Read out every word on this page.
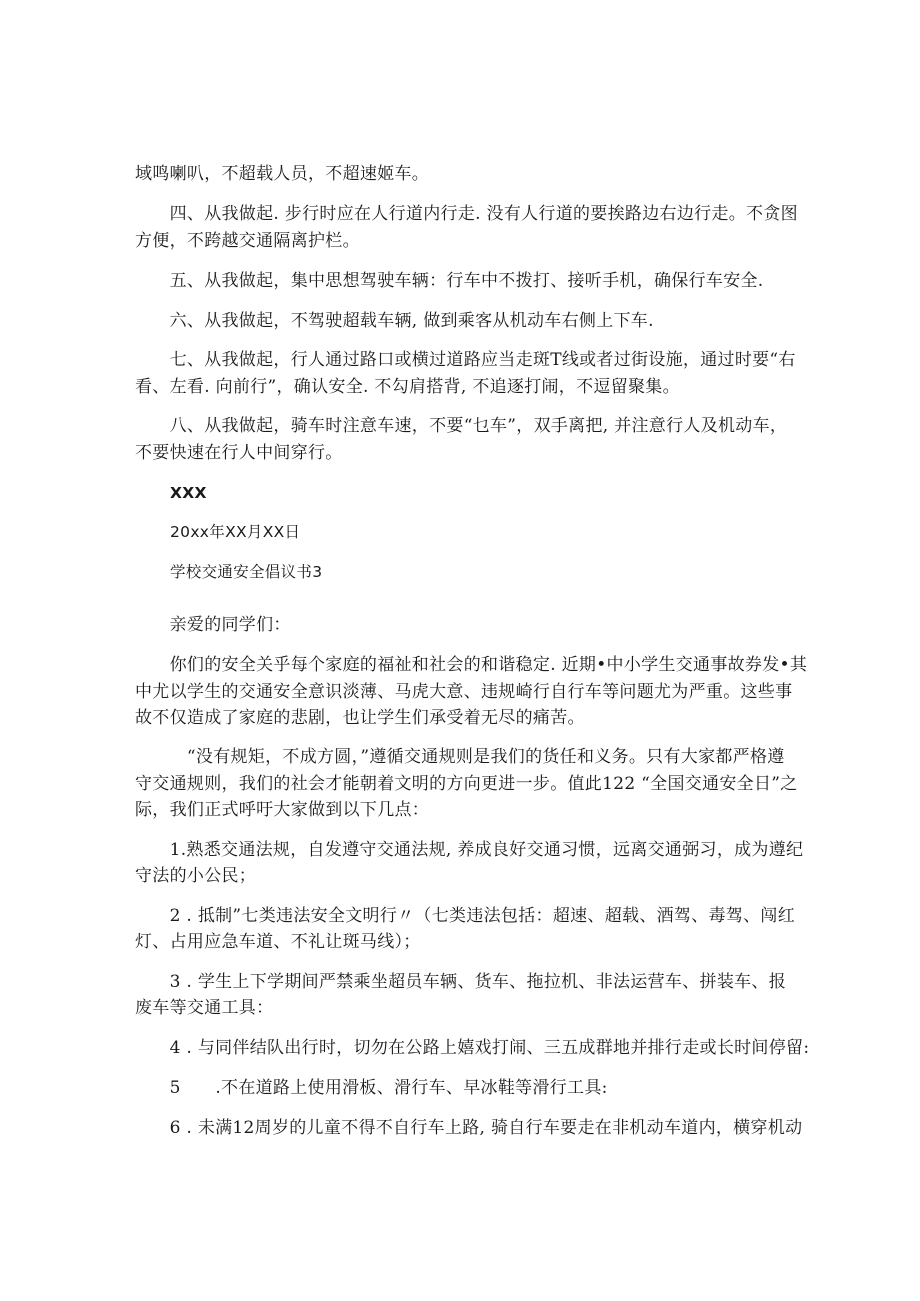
域鸣喇叭，不超载人员，不超速姬车。
　　四、从我做起. 步行时应在人行道内行走. 没有人行道的要挨路边右边行走。不贪图
方便，不跨越交通隔离护栏。
　　五、从我做起，集中思想驾驶车辆：行车中不拨打、接听手机，确保行车安全.
　　六、从我做起，不驾驶超载车辆, 做到乘客从机动车右侧上下车.
　　七、从我做起，行人通过路口或横过道路应当走斑T线或者过街设施，通过时要“右
看、左看. 向前行”，确认安全. 不勾肩搭背, 不追逐打闹，不逗留聚集。
　　八、从我做起，骑车时注意车速，不要“乜车”，双手离把, 并注意行人及机动车，
不要快速在行人中间穿行。
XXX
20xx年XX月XX日
学校交通安全倡议书3
　　亲爱的同学们：
　　你们的安全关乎每个家庭的福祉和社会的和谐稳定. 近期•中小学生交通事故券发•其
中尤以学生的交通安全意识淡薄、马虎大意、违规崎行自行车等问题尤为严重。这些事
故不仅造成了家庭的悲剧，也让学生们承受着无尽的痛苦。
　　　“没有规矩，不成方圆，”遵循交通规则是我们的货任和义务。只有大家都严格遵
守交通规则，我们的社会才能朝着文明的方向更进一步。值此122 “全国交通安全日”之
际，我们正式呼吁大家做到以下几点：
　　1.熟悉交通法规，自发遵守交通法规, 养成良好交通习惯，远离交通弼习，成为遵纪
守法的小公民；
　　2 . 抵制”七类违法安全文明行〃（七类违法包括：超速、超载、酒驾、毒驾、闯红
灯、占用应急车道、不礼让斑马线）；
　　3 . 学生上下学期间严禁乘坐超员车辆、货车、拖拉机、非法运营车、拼装车、报
废车等交通工具：
　　4 . 与同伴结队出行时，切勿在公路上嬉戏打闹、三五成群地并排行走或长时间停留:
　　5　　.不在道路上使用滑板、滑行车、早冰鞋等滑行工具:
　　6 . 未满12周岁的儿童不得不自行车上路, 骑自行车要走在非机动车道内，横穿机动
